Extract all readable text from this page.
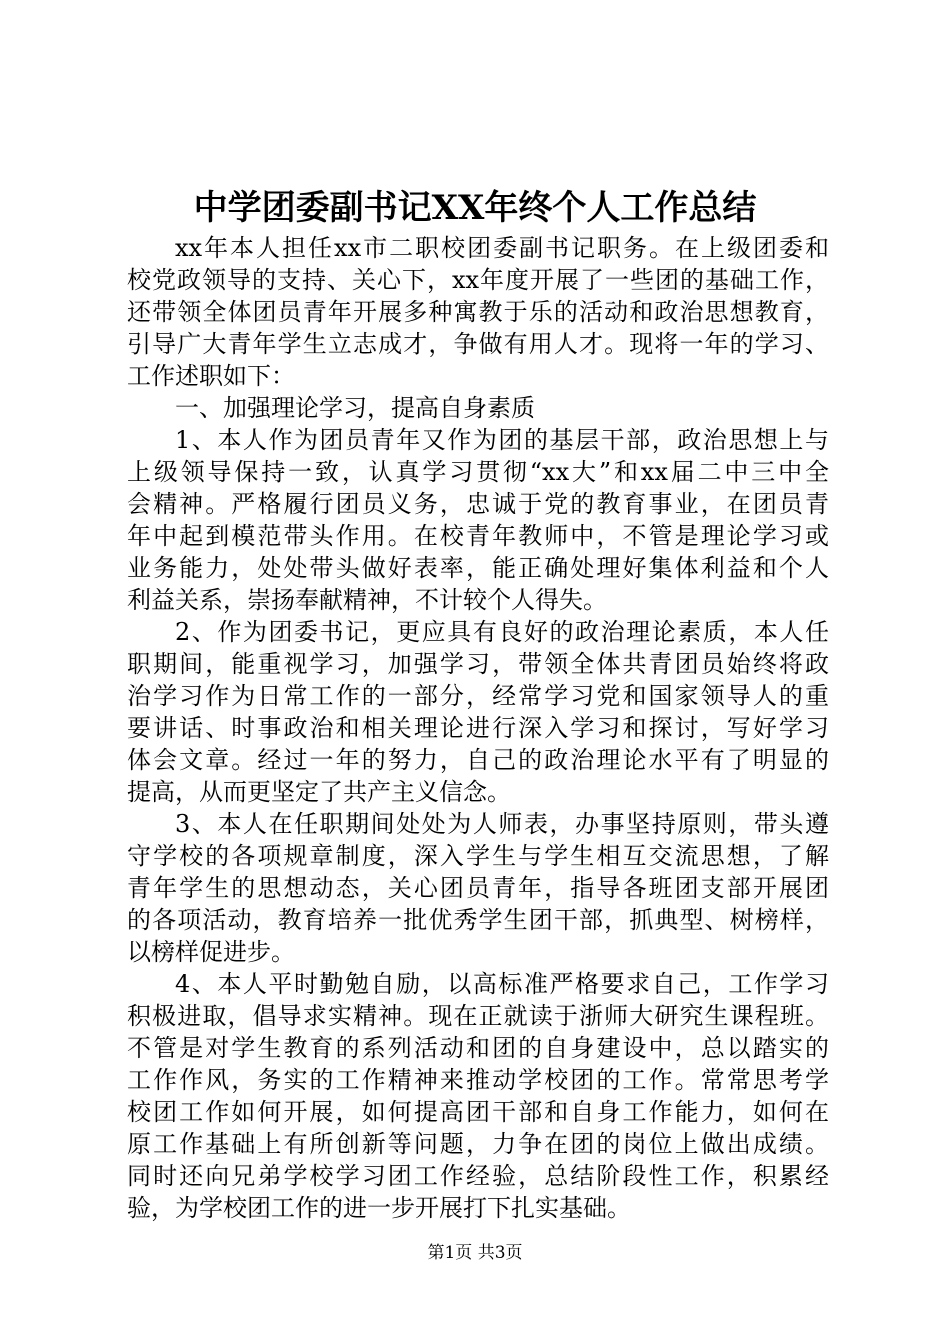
中学团委副书记XX年终个人工作总结
xx年本人担任xx市二职校团委副书记职务。在上级团委和
校党政领导的支持、关心下，xx年度开展了一些团的基础工作，
还带领全体团员青年开展多种寓教于乐的活动和政治思想教育，
引导广大青年学生立志成才，争做有用人才。现将一年的学习、
工作述职如下：
一、加强理论学习，提高自身素质
1、本人作为团员青年又作为团的基层干部，政治思想上与
上级领导保持一致，认真学习贯彻“xx大”和xx届二中三中全
会精神。严格履行团员义务，忠诚于党的教育事业，在团员青
年中起到模范带头作用。在校青年教师中，不管是理论学习或
业务能力，处处带头做好表率，能正确处理好集体利益和个人
利益关系，崇扬奉献精神，不计较个人得失。
2、作为团委书记，更应具有良好的政治理论素质，本人任
职期间，能重视学习，加强学习，带领全体共青团员始终将政
治学习作为日常工作的一部分，经常学习党和国家领导人的重
要讲话、时事政治和相关理论进行深入学习和探讨，写好学习
体会文章。经过一年的努力，自己的政治理论水平有了明显的
提高，从而更坚定了共产主义信念。
3、本人在任职期间处处为人师表，办事坚持原则，带头遵
守学校的各项规章制度，深入学生与学生相互交流思想，了解
青年学生的思想动态，关心团员青年，指导各班团支部开展团
的各项活动，教育培养一批优秀学生团干部，抓典型、树榜样，
以榜样促进步。
4、本人平时勤勉自励，以高标准严格要求自己，工作学习
积极进取，倡导求实精神。现在正就读于浙师大研究生课程班。
不管是对学生教育的系列活动和团的自身建设中，总以踏实的
工作作风，务实的工作精神来推动学校团的工作。常常思考学
校团工作如何开展，如何提高团干部和自身工作能力，如何在
原工作基础上有所创新等问题，力争在团的岗位上做出成绩。
同时还向兄弟学校学习团工作经验，总结阶段性工作，积累经
验，为学校团工作的进一步开展打下扎实基础。
第1页 共3页
